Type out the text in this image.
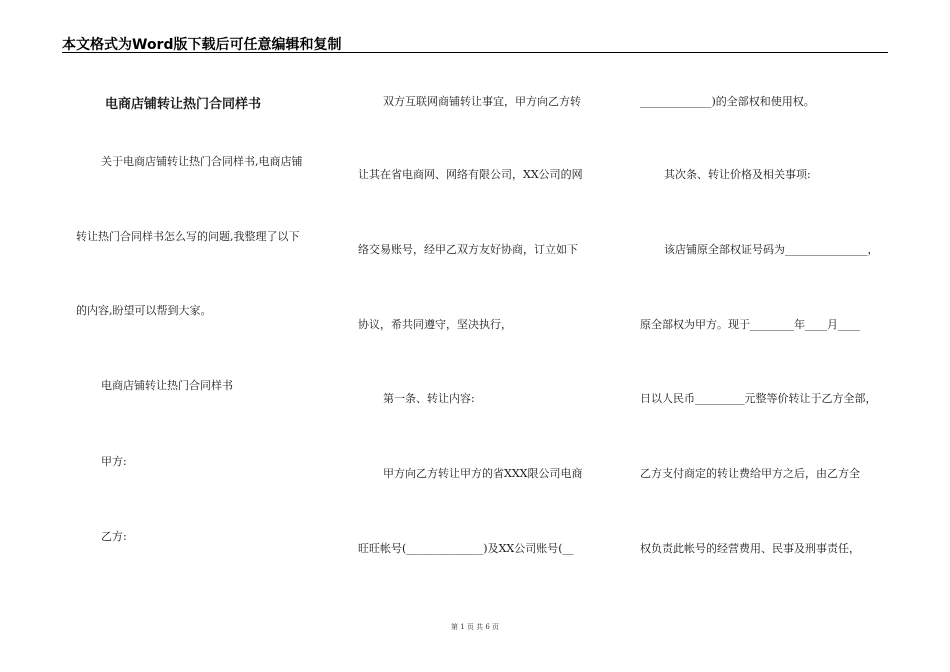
本文格式为Word版下载后可任意编辑和复制
电商店铺转让热门合同样书
关于电商店铺转让热门合同样书,电商店铺
转让热门合同样书怎么写的问题,我整理了以下
的内容,盼望可以帮到大家。
电商店铺转让热门合同样书
甲方:
乙方:
双方互联网商铺转让事宜，甲方向乙方转
让其在省电商网、网络有限公司，XX公司的网
络交易账号，经甲乙双方友好协商，订立如下
协议，希共同遵守，坚决执行，
第一条、转让内容:
甲方向乙方转让甲方的省XXX限公司电商
旺旺帐号(______________)及XX公司账号(__
_____________)的全部权和使用权。
其次条、转让价格及相关事项:
该店铺原全部权证号码为_______________，
原全部权为甲方。现于________年____月____
日以人民币_________元整等价转让于乙方全部，
乙方支付商定的转让费给甲方之后，由乙方全
权负责此帐号的经营费用、民事及刑事责任，
第 1 页 共 6 页
